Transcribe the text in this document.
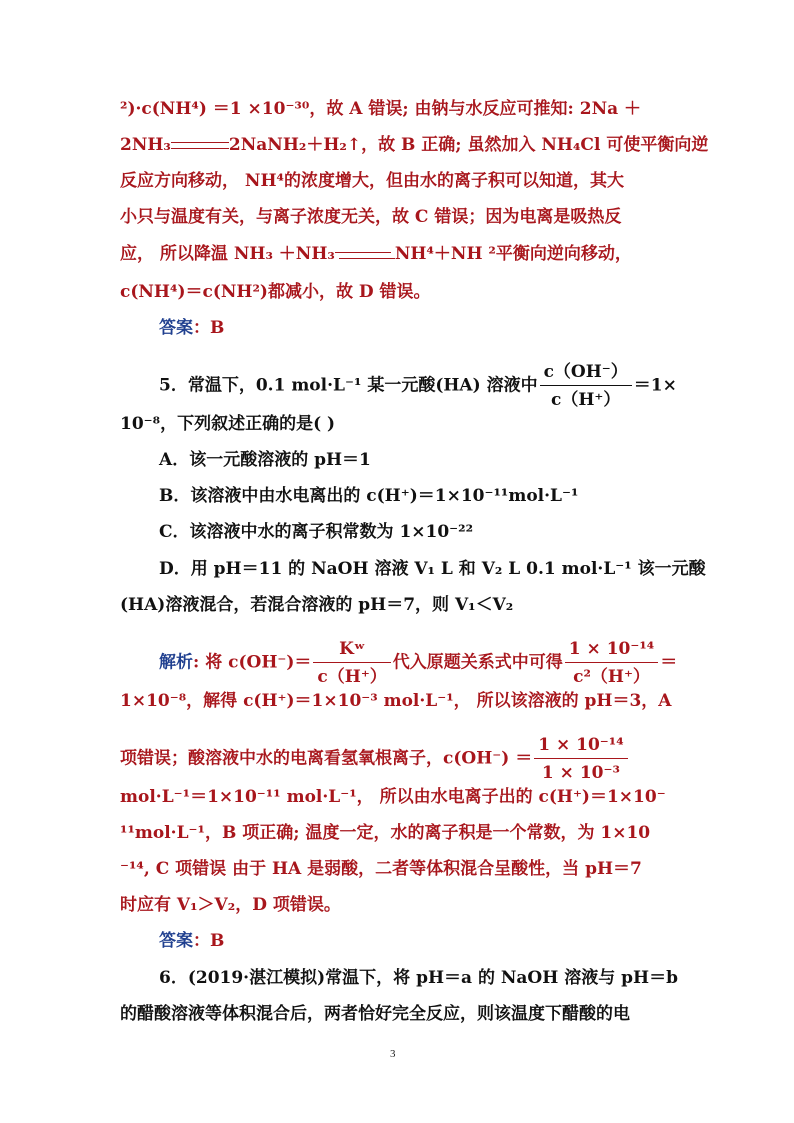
²)·c(NH⁴) ＝1 ×10⁻³⁰，故 A 错误; 由钠与水反应可推知: 2Na ＋
2NH₃	2NaNH₂＋H₂↑，故 B 正确; 虽然加入 NH₄Cl 可使平衡向逆
反应方向移动， NH⁴的浓度增大，但由水的离子积可以知道，其大
小只与温度有关，与离子浓度无关，故 C 错误；因为电离是吸热反
应， 所以降温 NH₃ ＋NH₃	NH⁴＋NH ²平衡向逆向移动，
c(NH⁴)＝c(NH²)都减小，故 D 错误。
答案：B
5．常温下，0.1 mol·L⁻¹ 某一元酸(HA) 溶液中 $\frac{c(OH^-)}{c(H^+)} =1\times$
10⁻⁸，下列叙述正确的是( )
A．该一元酸溶液的 pH＝1
B．该溶液中由水电离出的 c(H⁺)＝1×10⁻¹¹mol·L⁻¹
C．该溶液中水的离子积常数为 1×10⁻²²
D．用 pH＝11 的 NaOH 溶液 V₁ L 和 V₂ L 0.1 mol·L⁻¹ 该一元酸
(HA)溶液混合，若混合溶液的 pH＝7，则 V₁＜V₂
解析: 将 $c(OH^-)= \frac{\text{Kʷ}}{c(H^+)}$ 代入原题关系式中可得 $\frac{\text{1 × 10⁻¹⁴}}{\text{c²（H⁺）}}$ ＝
1×10⁻⁸，解得 c(H⁺)＝1×10⁻³ mol·L⁻¹， 所以该溶液的 pH＝3，A
项错误；酸溶液中水的电离看氢氧根离子，$c(OH^-) = \frac{\text{1 × 10⁻¹⁴}}{\text{1 × 10⁻³}}$
mol·L⁻¹＝1×10⁻¹¹ mol·L⁻¹， 所以由水电离子出的 c(H⁺)＝1×10⁻
¹¹mol·L⁻¹，B 项正确; 温度一定，水的离子积是一个常数，为 1×10
⁻¹⁴, C 项错误 由于 HA 是弱酸，二者等体积混合呈酸性，当 pH＝7
时应有 V₁＞V₂，D 项错误。
答案：B
6．(2019·湛江模拟)常温下，将 pH＝a 的 NaOH 溶液与 pH＝b
的醋酸溶液等体积混合后，两者恰好完全反应，则该温度下醋酸的电
3
